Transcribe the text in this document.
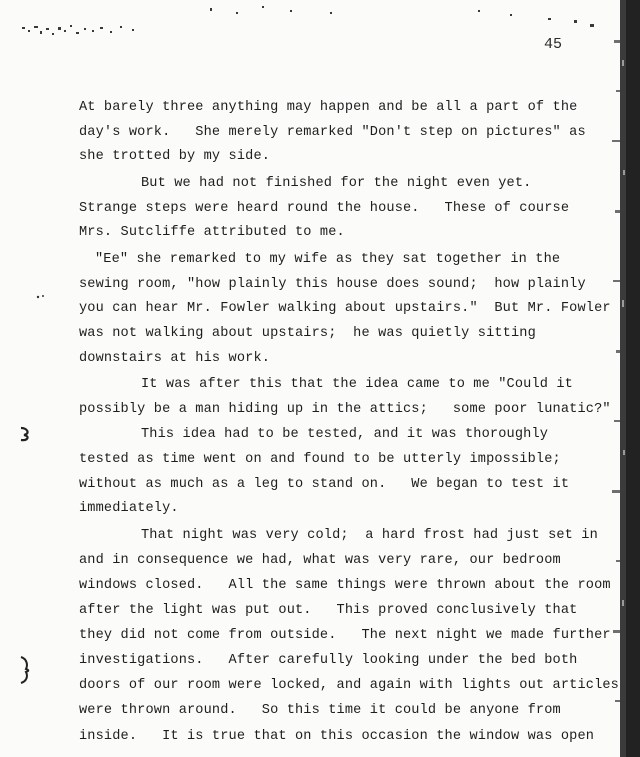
45
At barely three anything may happen and be all a part of the
day's work.   She merely remarked "Don't step on pictures" as
she trotted by my side.
But we had not finished for the night even yet.
Strange steps were heard round the house.   These of course
Mrs. Sutcliffe attributed to me.
"Ee" she remarked to my wife as they sat together in the
sewing room, "how plainly this house does sound;  how plainly
you can hear Mr. Fowler walking about upstairs."  But Mr. Fowler
was not walking about upstairs;  he was quietly sitting
downstairs at his work.
It was after this that the idea came to me "Could it
possibly be a man hiding up in the attics;   some poor lunatic?"
This idea had to be tested, and it was thoroughly
tested as time went on and found to be utterly impossible;
without as much as a leg to stand on.   We began to test it
immediately.
That night was very cold;  a hard frost had just set in
and in consequence we had, what was very rare, our bedroom
windows closed.   All the same things were thrown about the room
after the light was put out.   This proved conclusively that
they did not come from outside.   The next night we made further
investigations.   After carefully looking under the bed both
doors of our room were locked, and again with lights out articles
were thrown around.   So this time it could be anyone from
inside.   It is true that on this occasion the window was open
